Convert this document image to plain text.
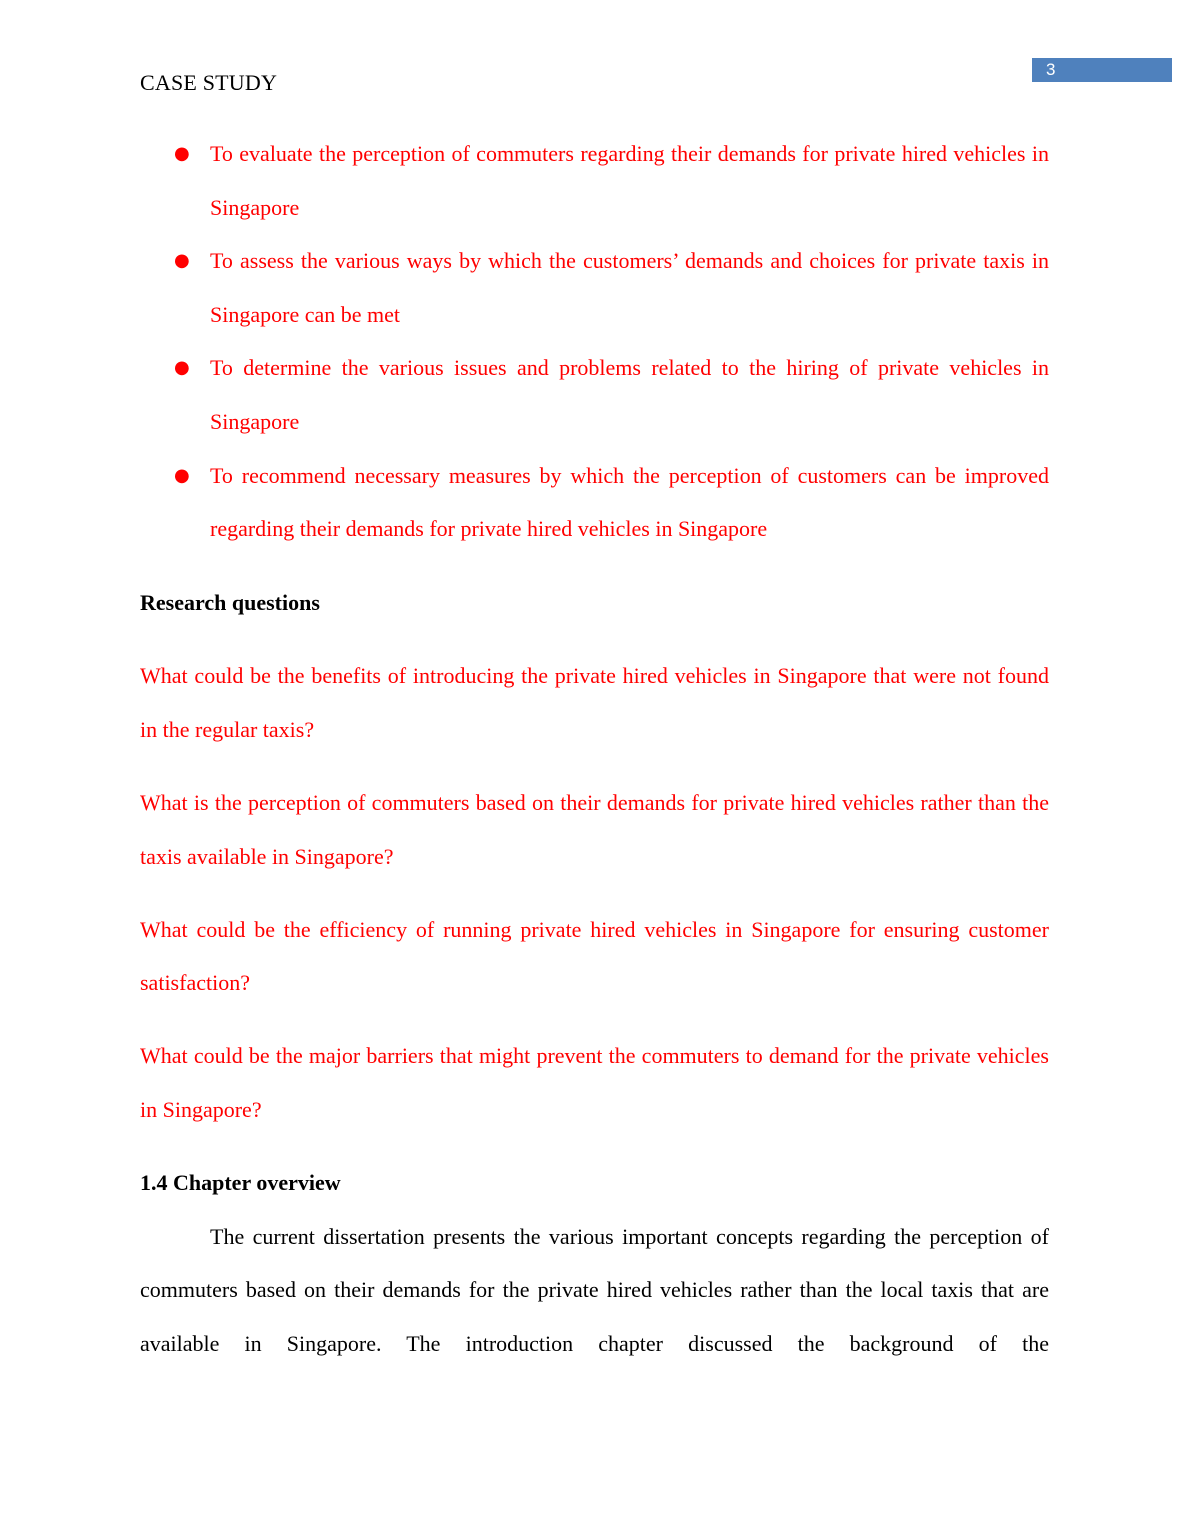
3
CASE STUDY
● To evaluate the perception of commuters regarding their demands for private hired vehicles in Singapore
● To assess the various ways by which the customers’ demands and choices for private taxis in Singapore can be met
● To determine the various issues and problems related to the hiring of private vehicles in Singapore
● To recommend necessary measures by which the perception of customers can be improved regarding their demands for private hired vehicles in Singapore
Research questions
What could be the benefits of introducing the private hired vehicles in Singapore that were not found in the regular taxis?
What is the perception of commuters based on their demands for private hired vehicles rather than the taxis available in Singapore?
What could be the efficiency of running private hired vehicles in Singapore for ensuring customer satisfaction?
What could be the major barriers that might prevent the commuters to demand for the private vehicles in Singapore?
1.4 Chapter overview
The current dissertation presents the various important concepts regarding the perception of commuters based on their demands for the private hired vehicles rather than the local taxis that are available in Singapore. The introduction chapter discussed the background of the
